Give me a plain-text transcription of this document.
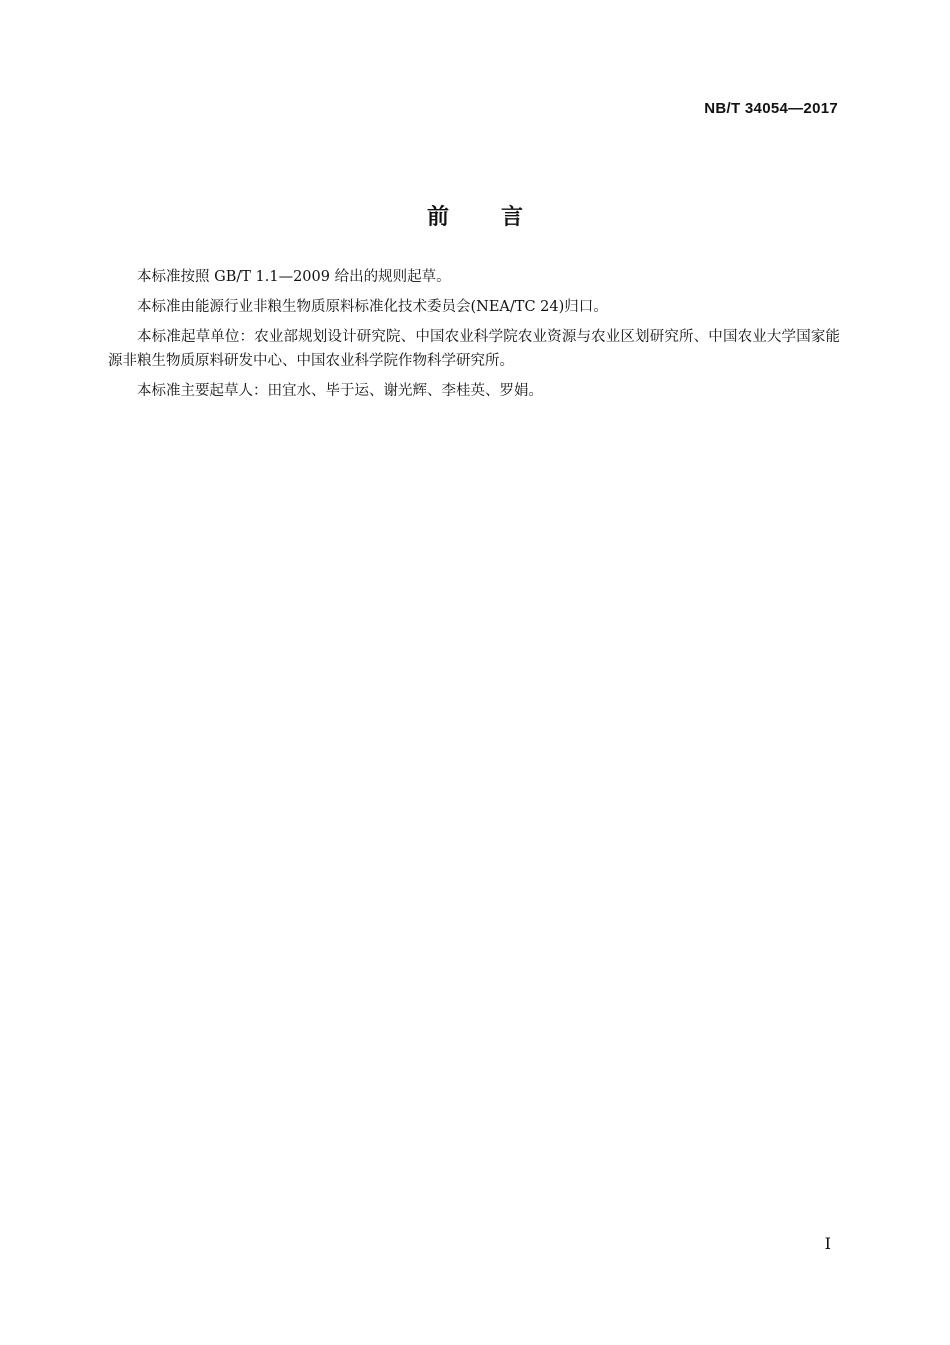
NB/T 34054—2017
前言

本标准按照 GB/T 1.1—2009 给出的规则起草。

本标准由能源行业非粮生物质原料标准化技术委员会(NEA/TC 24)归口。

本标准起草单位：农业部规划设计研究院、中国农业科学院农业资源与农业区划研究所、中国农业大学国家能源非粮生物质原料研发中心、中国农业科学院作物科学研究所。

本标准主要起草人：田宜水、毕于运、谢光辉、李桂英、罗娟。

I
